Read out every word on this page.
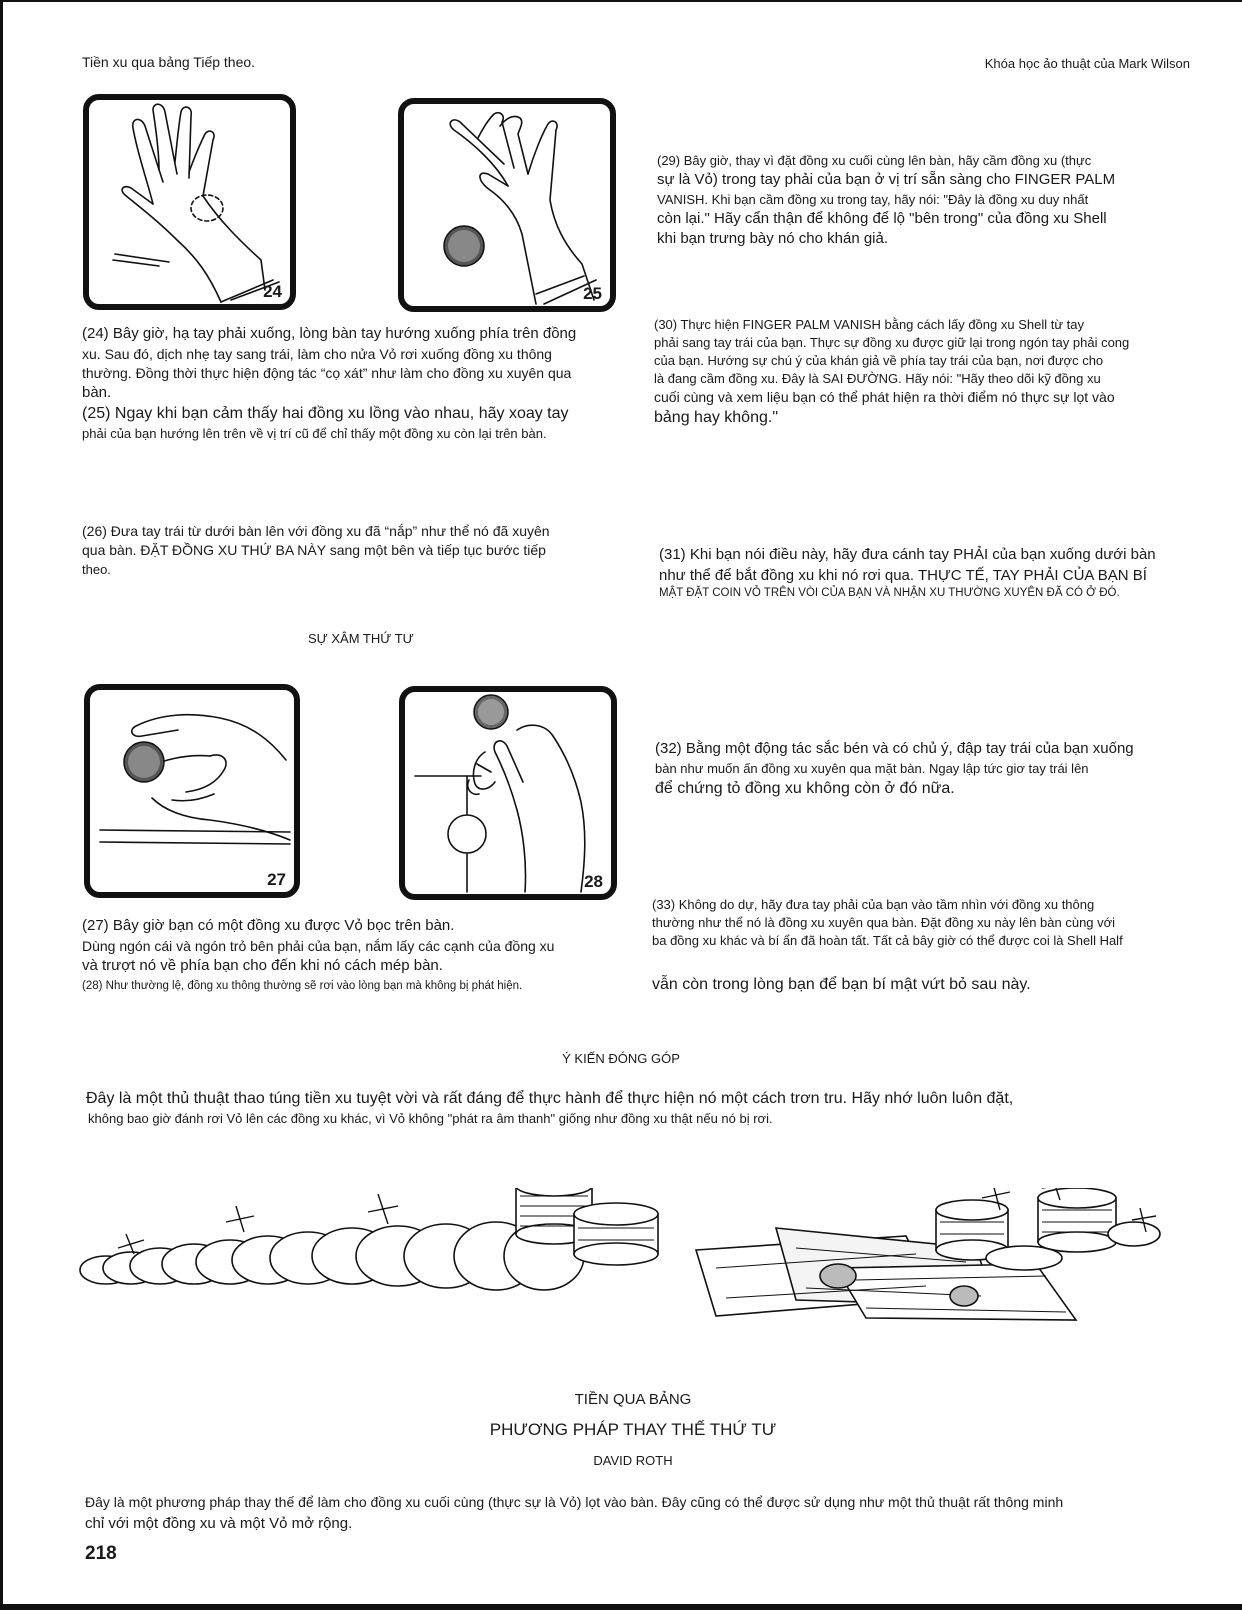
Tiền xu qua bảng Tiếp theo.	Khóa học ảo thuật của Mark Wilson

24	25
(24) Bây giờ, hạ tay phải xuống, lòng bàn tay hướng xuống phía trên đồng
xu. Sau đó, dịch nhẹ tay sang trái, làm cho nửa Vỏ rơi xuống đồng xu thông
thường. Đồng thời thực hiện động tác “cọ xát” như làm cho đồng xu xuyên qua
bàn.
(25) Ngay khi bạn cảm thấy hai đồng xu lồng vào nhau, hãy xoay tay
phải của bạn hướng lên trên về vị trí cũ để chỉ thấy một đồng xu còn lại trên bàn.
(26) Đưa tay trái từ dưới bàn lên với đồng xu đã “nắp” như thể nó đã xuyên
qua bàn. ĐẶT ĐỒNG XU THỨ BA NÀY sang một bên và tiếp tục bước tiếp
theo.

SỰ XÂM THỨ TƯ

27	28

(27) Bây giờ bạn có một đồng xu được Vỏ bọc trên bàn.

Dùng ngón cái và ngón trỏ bên phải của bạn, nắm lấy các cạnh của đồng xu
và trượt nó về phía bạn cho đến khi nó cách mép bàn.

(28) Như thường lệ, đồng xu thông thường sẽ rơi vào lòng bạn mà không bị phát hiện.

(29) Bây giờ, thay vì đặt đồng xu cuối cùng lên bàn, hãy cầm đồng xu (thực
sự là Vỏ) trong tay phải của bạn ở vị trí sẵn sàng cho FINGER PALM
VANISH. Khi bạn cầm đồng xu trong tay, hãy nói: "Đây là đồng xu duy nhất
còn lại." Hãy cẩn thận để không để lộ "bên trong" của đồng xu Shell
khi bạn trưng bày nó cho khán giả.
(30) Thực hiện FINGER PALM VANISH bằng cách lấy đồng xu Shell từ tay
phải sang tay trái của bạn. Thực sự đồng xu được giữ lại trong ngón tay phải cong
của bạn. Hướng sự chú ý của khán giả về phía tay trái của bạn, nơi được cho
là đang cầm đồng xu. Đây là SAI ĐƯỜNG. Hãy nói: "Hãy theo dõi kỹ đồng xu
cuối cùng và xem liệu bạn có thể phát hiện ra thời điểm nó thực sự lọt vào
bảng hay không."
(31) Khi bạn nói điều này, hãy đưa cánh tay PHẢI của bạn xuống dưới bàn
như thể để bắt đồng xu khi nó rơi qua. THỰC TẾ, TAY PHẢI CỦA BẠN BÍ
MẬT ĐẶT COIN VỎ TRÊN VÒI CỦA BẠN VÀ NHẬN XU THƯỜNG XUYÊN ĐÃ CÓ Ở ĐÓ.
(32) Bằng một động tác sắc bén và có chủ ý, đập tay trái của bạn xuống
bàn như muốn ấn đồng xu xuyên qua mặt bàn. Ngay lập tức giơ tay trái lên
để chứng tỏ đồng xu không còn ở đó nữa.
(33) Không do dự, hãy đưa tay phải của bạn vào tầm nhìn với đồng xu thông
thường như thể nó là đồng xu xuyên qua bàn. Đặt đồng xu này lên bàn cùng với
ba đồng xu khác và bí ẩn đã hoàn tất. Tất cả bây giờ có thể được coi là Shell Half

vẫn còn trong lòng bạn để bạn bí mật vứt bỏ sau này.

Ý KIẾN ĐÓNG GÓP

Đây là một thủ thuật thao túng tiền xu tuyệt vời và rất đáng để thực hành để thực hiện nó một cách trơn tru. Hãy nhớ luôn luôn đặt,

không bao giờ đánh rơi Vỏ lên các đồng xu khác, vì Vỏ không "phát ra âm thanh" giống như đồng xu thật nếu nó bị rơi.

TIỀN QUA BẢNG

PHƯƠNG PHÁP THAY THẾ THỨ TƯ

DAVID ROTH

Đây là một phương pháp thay thế để làm cho đồng xu cuối cùng (thực sự là Vỏ) lọt vào bàn. Đây cũng có thể được sử dụng như một thủ thuật rất thông minh

chỉ với một đồng xu và một Vỏ mở rộng.

218
